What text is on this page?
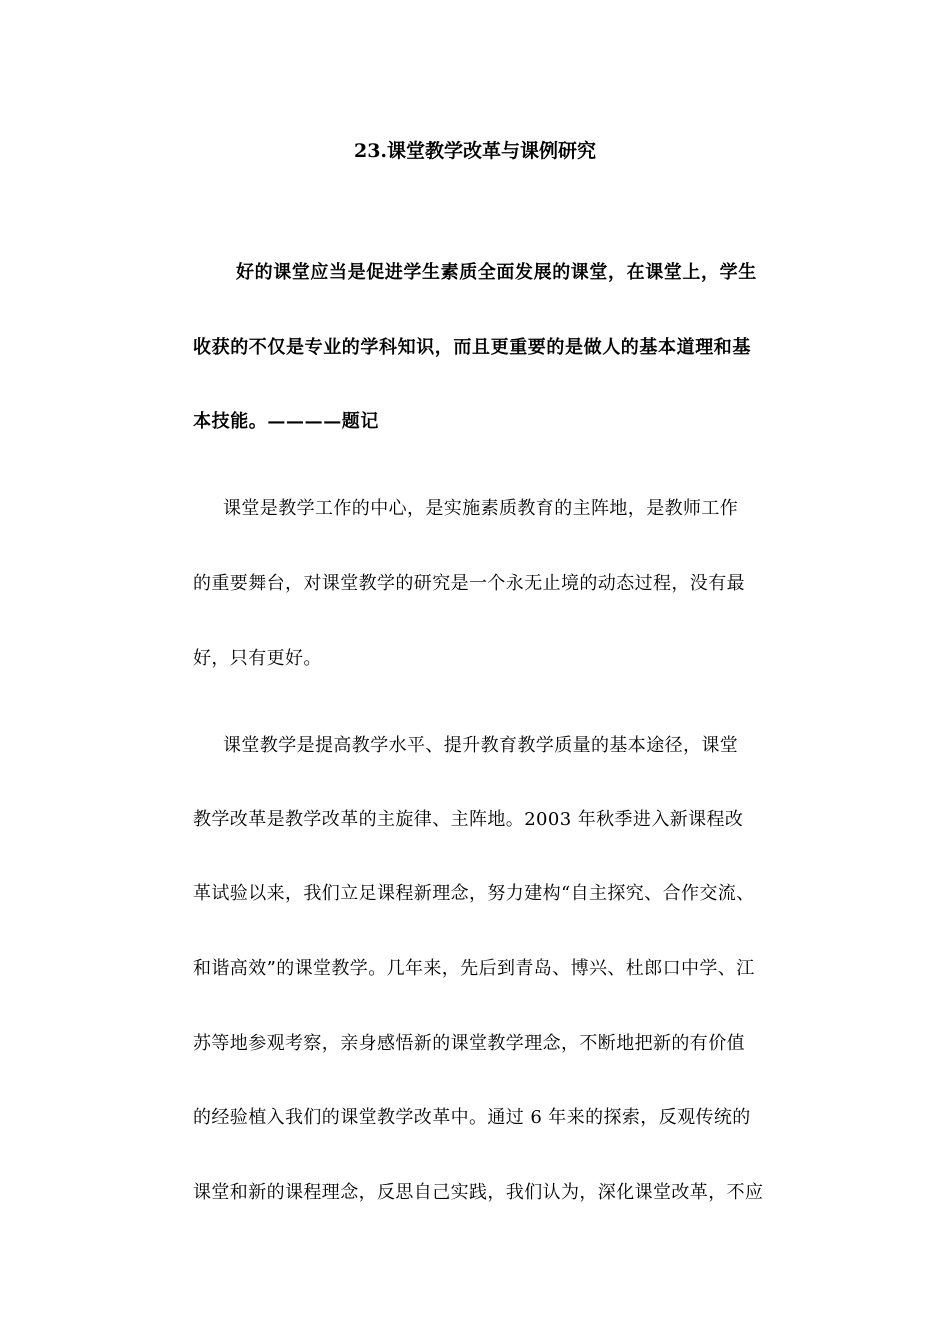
23.课堂教学改革与课例研究

好的课堂应当是促进学生素质全面发展的课堂，在课堂上，学生

收获的不仅是专业的学科知识，而且更重要的是做人的基本道理和基

本技能。————题记

课堂是教学工作的中心，是实施素质教育的主阵地，是教师工作

的重要舞台，对课堂教学的研究是一个永无止境的动态过程，没有最

好，只有更好。

课堂教学是提高教学水平、提升教育教学质量的基本途径，课堂

教学改革是教学改革的主旋律、主阵地。2003 年秋季进入新课程改

革试验以来，我们立足课程新理念，努力建构“自主探究、合作交流、

和谐高效”的课堂教学。几年来，先后到青岛、博兴、杜郎口中学、江

苏等地参观考察，亲身感悟新的课堂教学理念，不断地把新的有价值

的经验植入我们的课堂教学改革中。通过 6 年来的探索，反观传统的

课堂和新的课程理念，反思自己实践，我们认为，深化课堂改革，不应
